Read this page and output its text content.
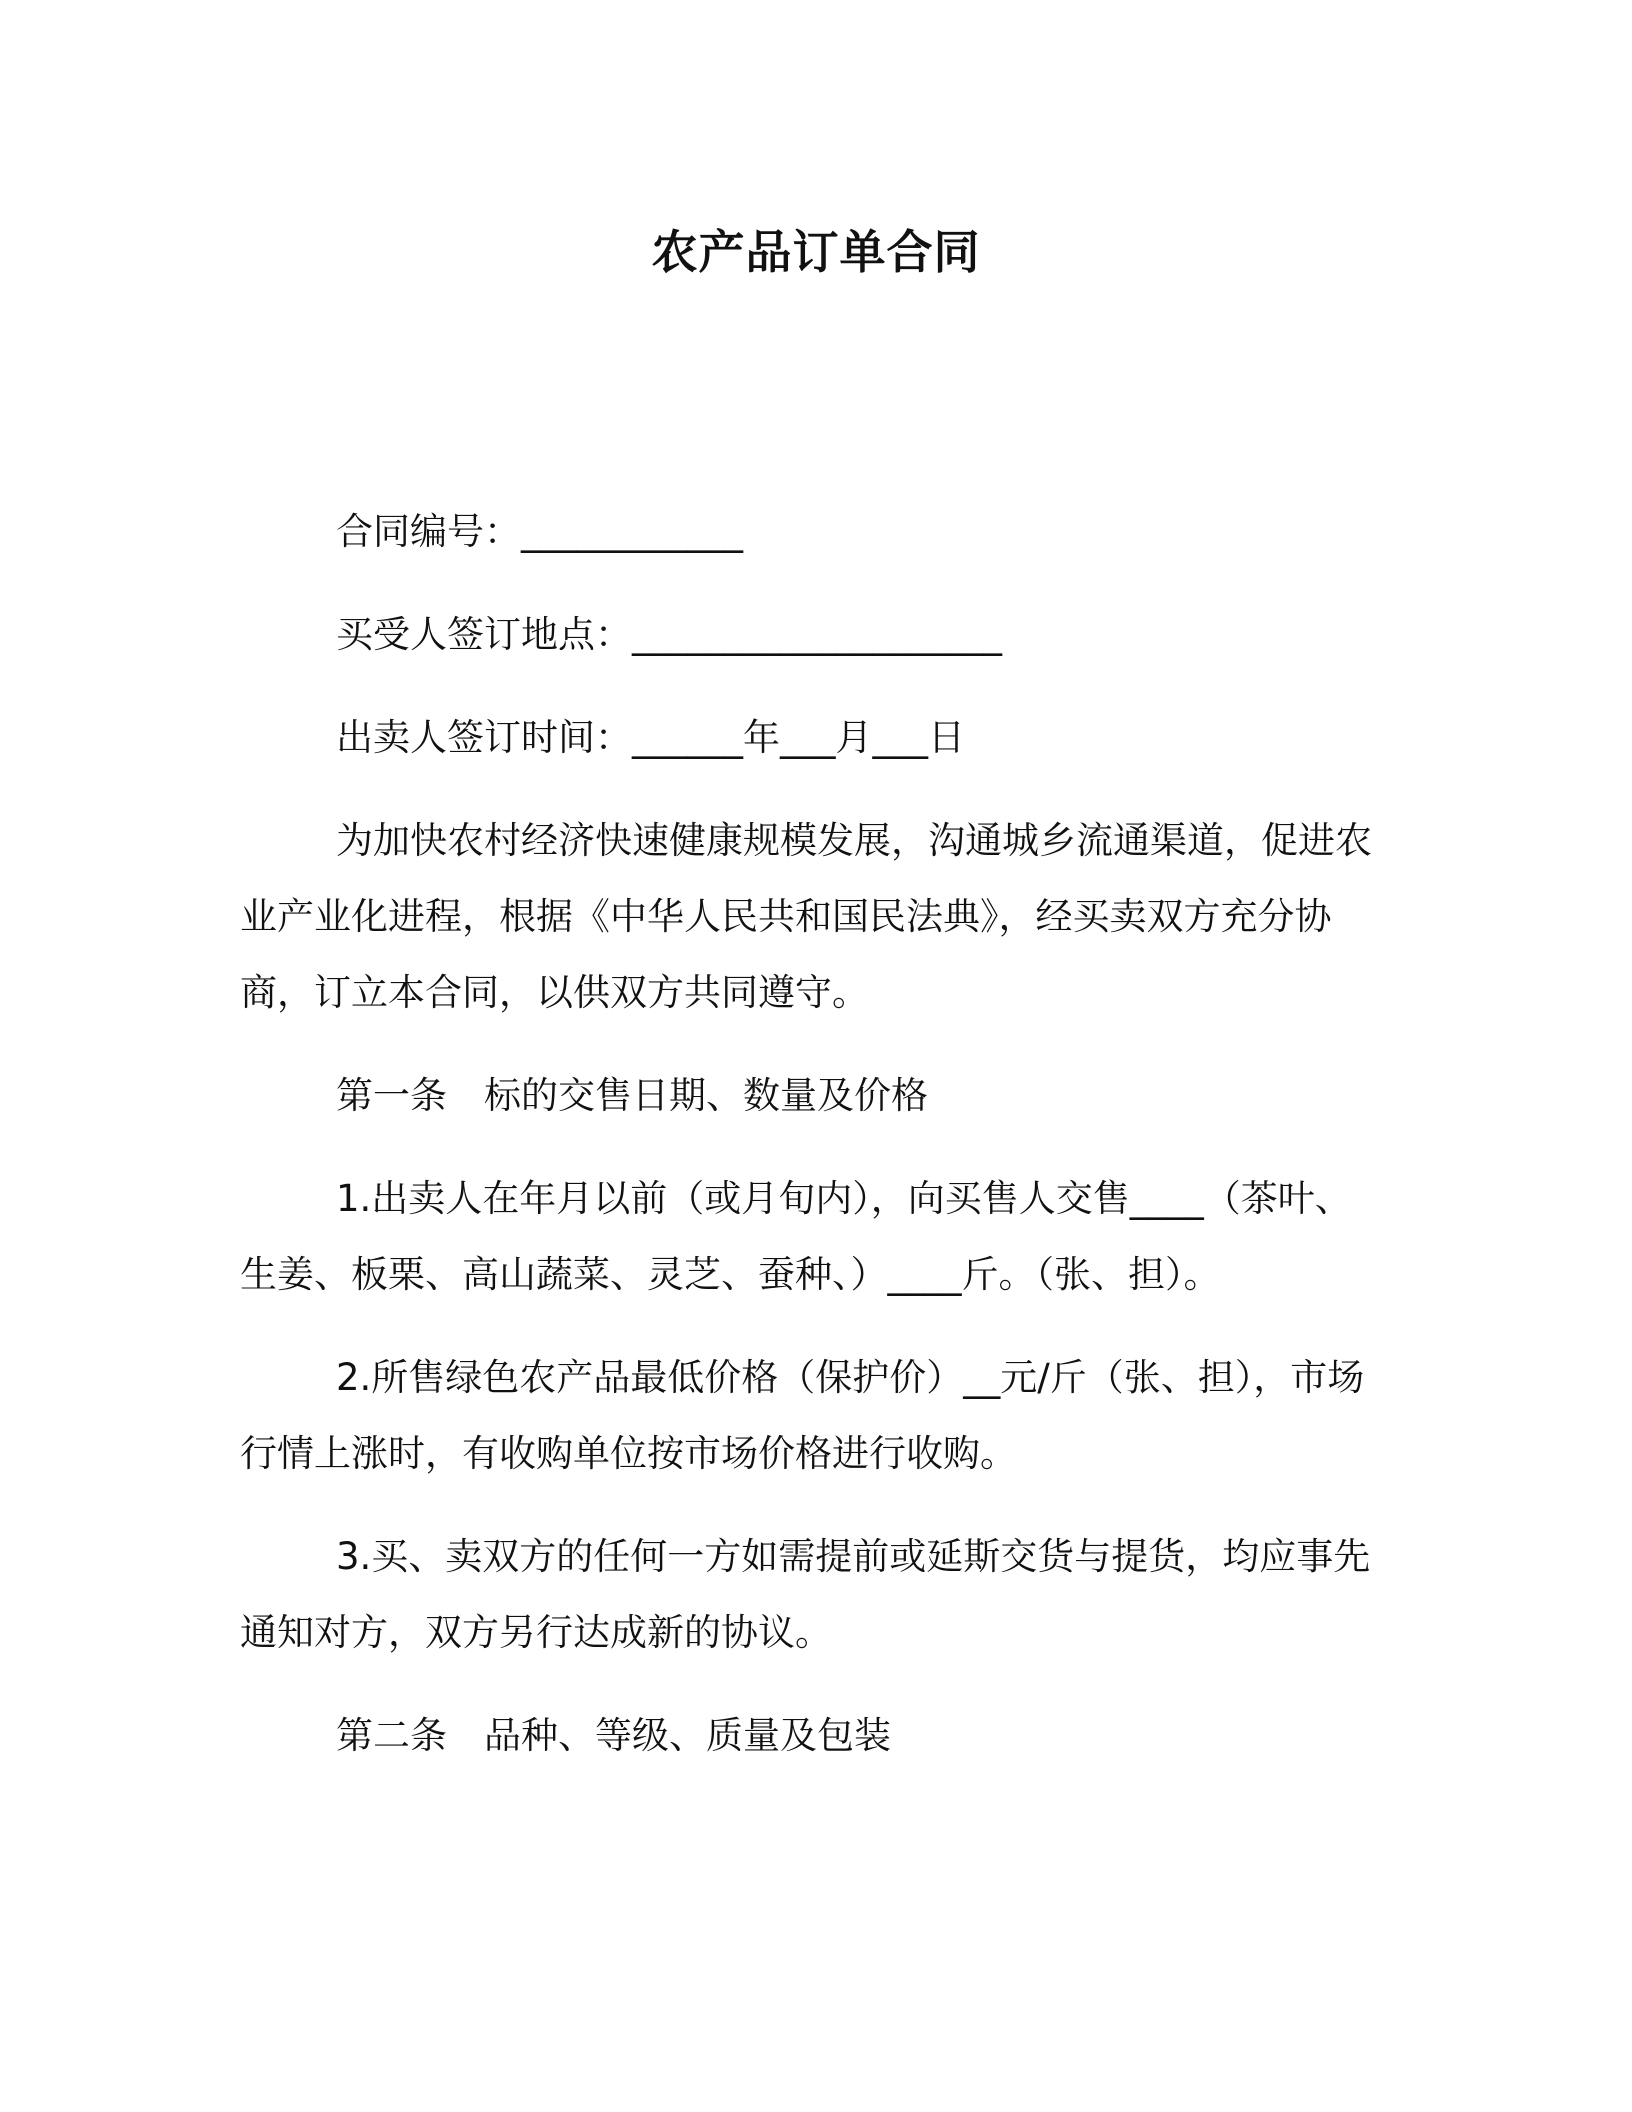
农产品订单合同
合同编号：____________
买受人签订地点：____________________
出卖人签订时间：______年___月___日
为加快农村经济快速健康规模发展，沟通城乡流通渠道，促进农
业产业化进程，根据《中华人民共和国民法典》，经买卖双方充分协
商，订立本合同，以供双方共同遵守。
第一条　标的交售日期、数量及价格
1.出卖人在年月以前（或月旬内），向买售人交售____（茶叶、
生姜、板栗、高山蔬菜、灵芝、蚕种、）____斤。（张、担）。
2.所售绿色农产品最低价格（保护价）__元/斤（张、担），市场
行情上涨时，有收购单位按市场价格进行收购。
3.买、卖双方的任何一方如需提前或延斯交货与提货，均应事先
通知对方，双方另行达成新的协议。
第二条　品种、等级、质量及包装
